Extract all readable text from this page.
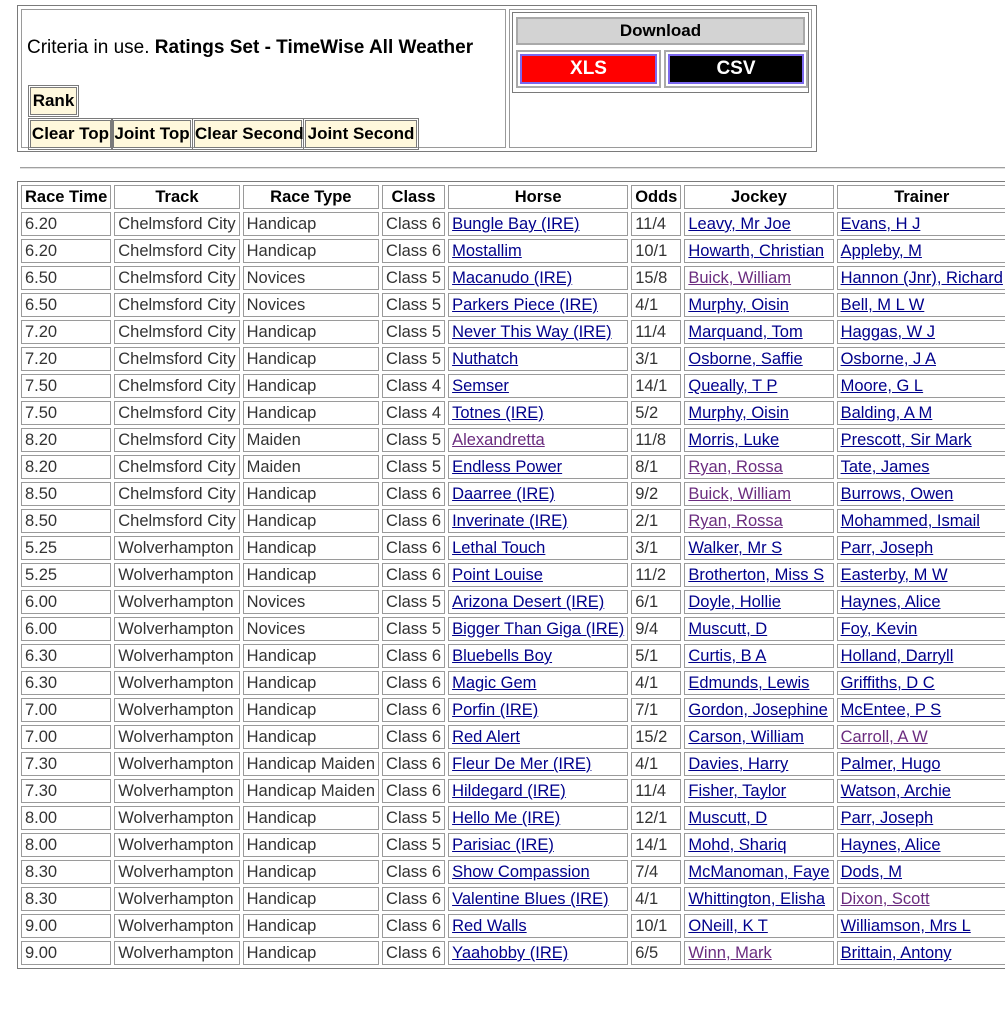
Criteria in use. Ratings Set - TimeWise All Weather
Rank
Clear Top Joint Top Clear Second Joint Second
Download
XLS	CSV
Race Time	Track	Race Type	Class	Horse	Odds	Jockey	Trainer	
6.20	Chelmsford City	Handicap	Class 6	Bungle Bay (IRE)	11/4	Leavy, Mr Joe	Evans, H J	
6.20	Chelmsford City	Handicap	Class 6	Mostallim	10/1	Howarth, Christian	Appleby, M	
6.50	Chelmsford City	Novices	Class 5	Macanudo (IRE)	15/8	Buick, William	Hannon (Jnr), Richard	
6.50	Chelmsford City	Novices	Class 5	Parkers Piece (IRE)	4/1	Murphy, Oisin	Bell, M L W	
7.20	Chelmsford City	Handicap	Class 5	Never This Way (IRE)	11/4	Marquand, Tom	Haggas, W J	
7.20	Chelmsford City	Handicap	Class 5	Nuthatch	3/1	Osborne, Saffie	Osborne, J A	
7.50	Chelmsford City	Handicap	Class 4	Semser	14/1	Queally, T P	Moore, G L	
7.50	Chelmsford City	Handicap	Class 4	Totnes (IRE)	5/2	Murphy, Oisin	Balding, A M	
8.20	Chelmsford City	Maiden	Class 5	Alexandretta	11/8	Morris, Luke	Prescott, Sir Mark	
8.20	Chelmsford City	Maiden	Class 5	Endless Power	8/1	Ryan, Rossa	Tate, James	
8.50	Chelmsford City	Handicap	Class 6	Daarree (IRE)	9/2	Buick, William	Burrows, Owen	
8.50	Chelmsford City	Handicap	Class 6	Inverinate (IRE)	2/1	Ryan, Rossa	Mohammed, Ismail	
5.25	Wolverhampton	Handicap	Class 6	Lethal Touch	3/1	Walker, Mr S	Parr, Joseph	
5.25	Wolverhampton	Handicap	Class 6	Point Louise	11/2	Brotherton, Miss S	Easterby, M W	
6.00	Wolverhampton	Novices	Class 5	Arizona Desert (IRE)	6/1	Doyle, Hollie	Haynes, Alice	
6.00	Wolverhampton	Novices	Class 5	Bigger Than Giga (IRE)	9/4	Muscutt, D	Foy, Kevin	
6.30	Wolverhampton	Handicap	Class 6	Bluebells Boy	5/1	Curtis, B A	Holland, Darryll	
6.30	Wolverhampton	Handicap	Class 6	Magic Gem	4/1	Edmunds, Lewis	Griffiths, D C	
7.00	Wolverhampton	Handicap	Class 6	Porfin (IRE)	7/1	Gordon, Josephine	McEntee, P S	
7.00	Wolverhampton	Handicap	Class 6	Red Alert	15/2	Carson, William	Carroll, A W	
7.30	Wolverhampton	Handicap Maiden	Class 6	Fleur De Mer (IRE)	4/1	Davies, Harry	Palmer, Hugo	
7.30	Wolverhampton	Handicap Maiden	Class 6	Hildegard (IRE)	11/4	Fisher, Taylor	Watson, Archie	
8.00	Wolverhampton	Handicap	Class 5	Hello Me (IRE)	12/1	Muscutt, D	Parr, Joseph	
8.00	Wolverhampton	Handicap	Class 5	Parisiac (IRE)	14/1	Mohd, Shariq	Haynes, Alice	
8.30	Wolverhampton	Handicap	Class 6	Show Compassion	7/4	McManoman, Faye	Dods, M	
8.30	Wolverhampton	Handicap	Class 6	Valentine Blues (IRE)	4/1	Whittington, Elisha	Dixon, Scott	
9.00	Wolverhampton	Handicap	Class 6	Red Walls	10/1	ONeill, K T	Williamson, Mrs L	
9.00	Wolverhampton	Handicap	Class 6	Yaahobby (IRE)	6/5	Winn, Mark	Brittain, Antony	
